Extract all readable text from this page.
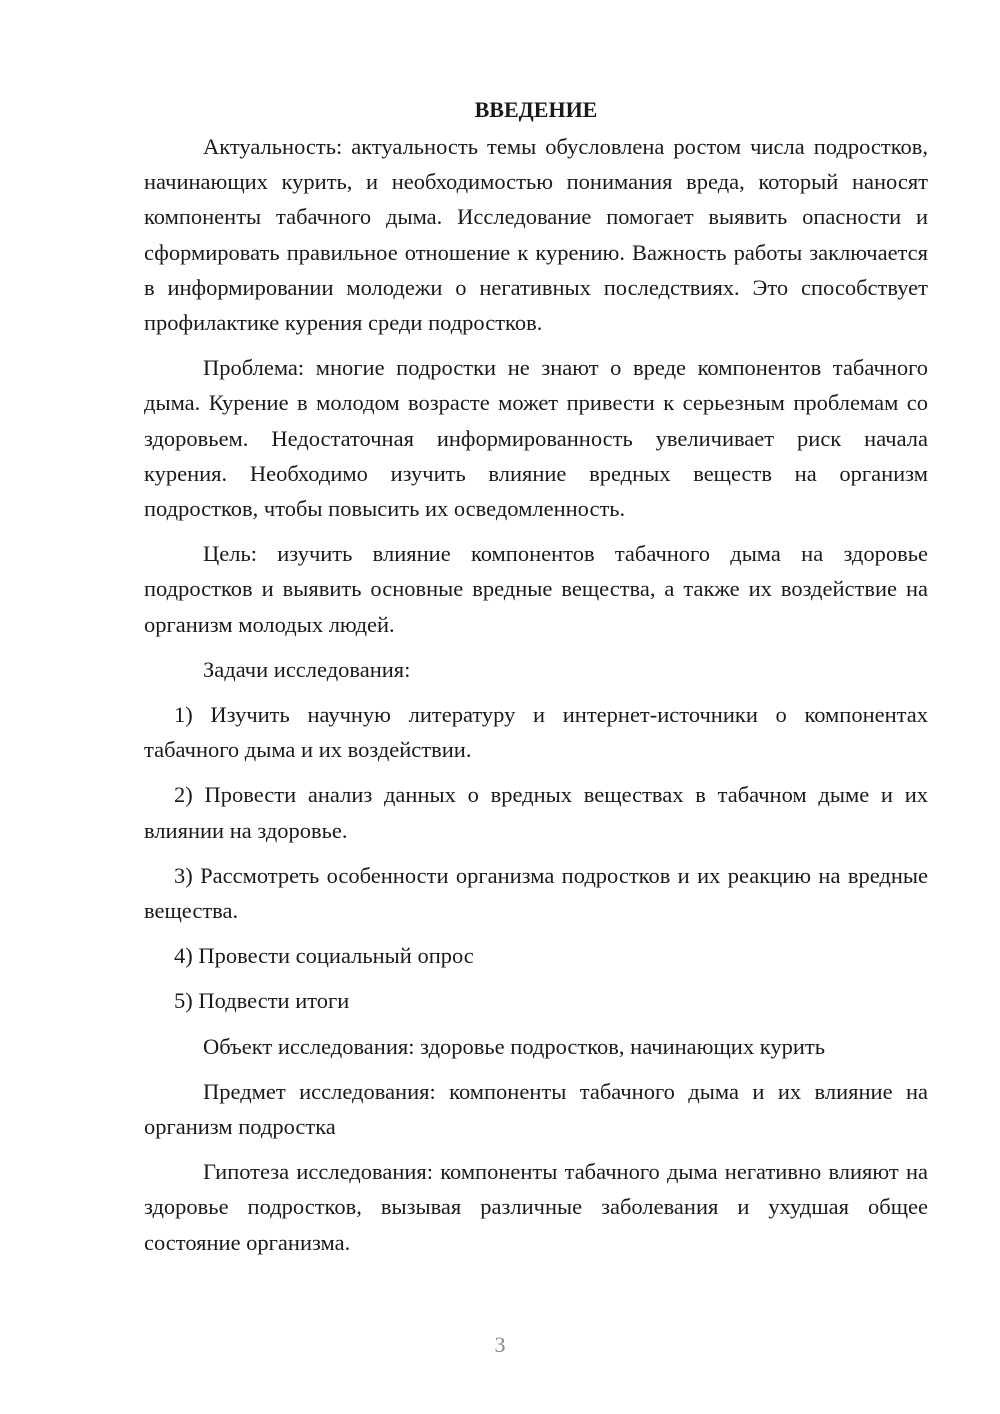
ВВЕДЕНИЕ

Актуальность: актуальность темы обусловлена ростом числа подростков, начинающих курить, и необходимостью понимания вреда, который наносят компоненты табачного дыма. Исследование помогает выявить опасности и сформировать правильное отношение к курению. Важность работы заключается в информировании молодежи о негативных последствиях. Это способствует профилактике курения среди подростков.

Проблема: многие подростки не знают о вреде компонентов табачного дыма. Курение в молодом возрасте может привести к серьезным проблемам со здоровьем. Недостаточная информированность увеличивает риск начала курения. Необходимо изучить влияние вредных веществ на организм подростков, чтобы повысить их осведомленность.

Цель: изучить влияние компонентов табачного дыма на здоровье подростков и выявить основные вредные вещества, а также их воздействие на организм молодых людей.

Задачи исследования:

1) Изучить научную литературу и интернет-источники о компонентах табачного дыма и их воздействии.

2) Провести анализ данных о вредных веществах в табачном дыме и их влиянии на здоровье.

3) Рассмотреть особенности организма подростков и их реакцию на вредные вещества.

4) Провести социальный опрос

5) Подвести итоги

Объект исследования: здоровье подростков, начинающих курить

Предмет исследования: компоненты табачного дыма и их влияние на организм подростка

Гипотеза исследования: компоненты табачного дыма негативно влияют на здоровье подростков, вызывая различные заболевания и ухудшая общее состояние организма.

3
